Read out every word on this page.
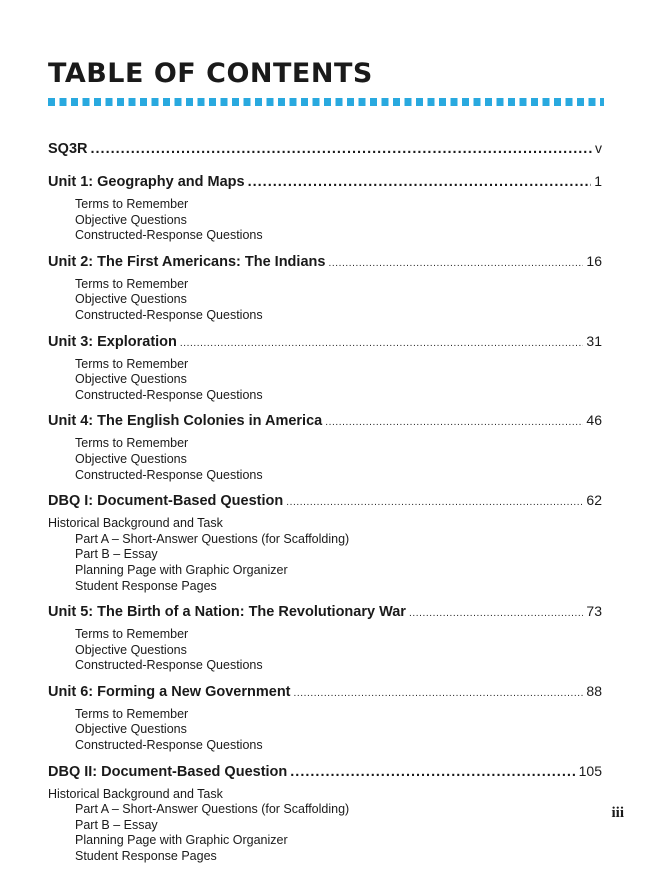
TABLE OF CONTENTS
SQ3R .....	v
Unit 1: Geography and Maps .....	1
Terms to Remember
Objective Questions
Constructed-Response Questions
Unit 2: The First Americans: The Indians .....	16
Terms to Remember
Objective Questions
Constructed-Response Questions
Unit 3: Exploration .....	31
Terms to Remember
Objective Questions
Constructed-Response Questions
Unit 4: The English Colonies in America .....	46
Terms to Remember
Objective Questions
Constructed-Response Questions
DBQ I: Document-Based Question .....	62
Historical Background and Task
Part A – Short-Answer Questions (for Scaffolding)
Part B – Essay
Planning Page with Graphic Organizer
Student Response Pages
Unit 5: The Birth of a Nation: The Revolutionary War .....	73
Terms to Remember
Objective Questions
Constructed-Response Questions
Unit 6: Forming a New Government .....	88
Terms to Remember
Objective Questions
Constructed-Response Questions
DBQ II: Document-Based Question .....	105
Historical Background and Task
Part A – Short-Answer Questions (for Scaffolding)
Part B – Essay
Planning Page with Graphic Organizer
Student Response Pages
iii
